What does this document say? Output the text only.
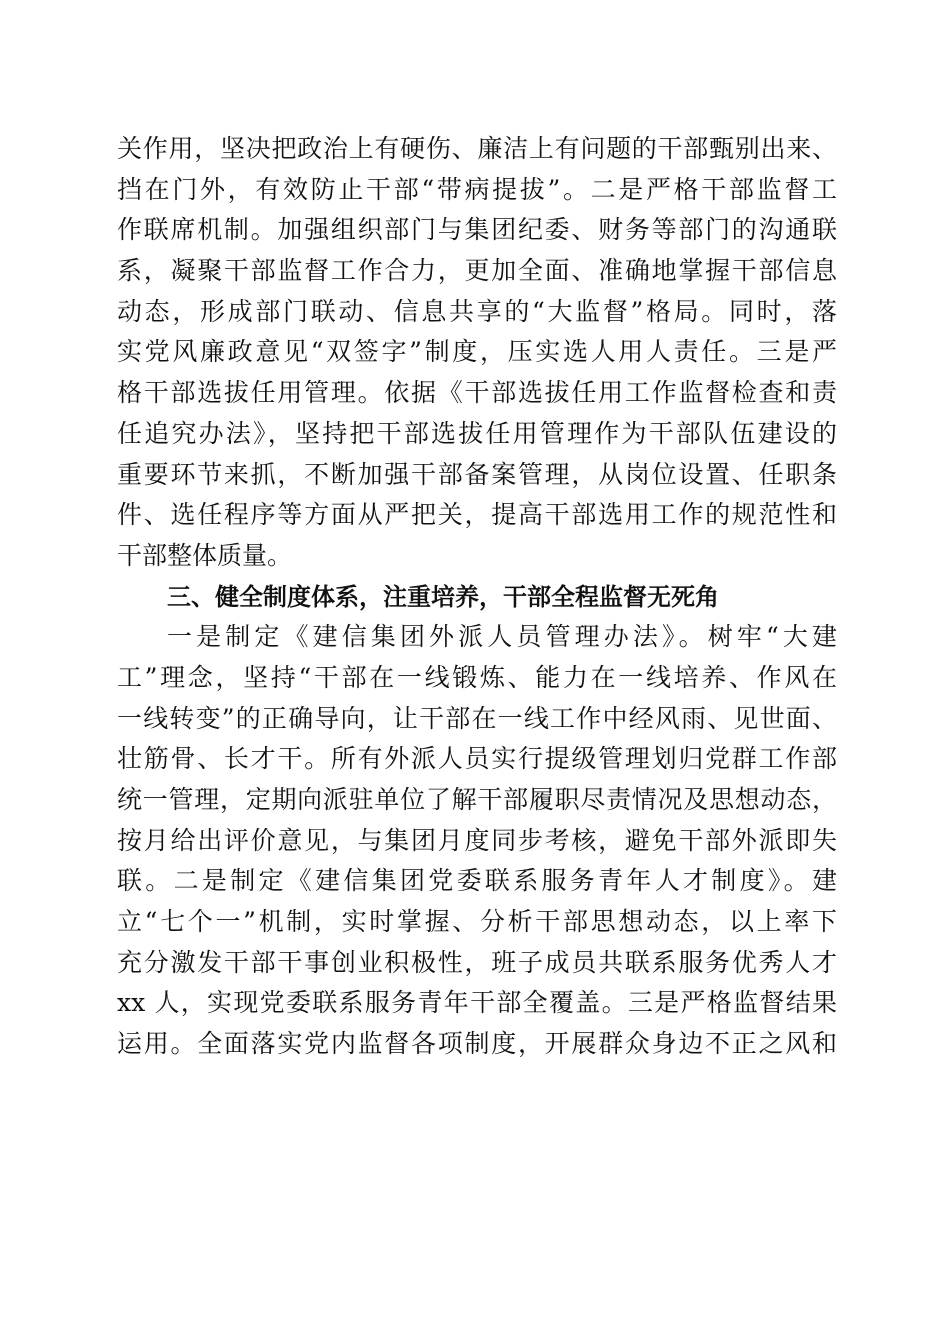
关作用，坚决把政治上有硬伤、廉洁上有问题的干部甄别出来、
挡在门外，有效防止干部“带病提拔”。二是严格干部监督工
作联席机制。加强组织部门与集团纪委、财务等部门的沟通联
系，凝聚干部监督工作合力，更加全面、准确地掌握干部信息
动态，形成部门联动、信息共享的“大监督”格局。同时，落
实党风廉政意见“双签字”制度，压实选人用人责任。三是严
格干部选拔任用管理。依据《干部选拔任用工作监督检查和责
任追究办法》，坚持把干部选拔任用管理作为干部队伍建设的
重要环节来抓，不断加强干部备案管理，从岗位设置、任职条
件、选任程序等方面从严把关，提高干部选用工作的规范性和
干部整体质量。
三、健全制度体系，注重培养，干部全程监督无死角
一是制定《建信集团外派人员管理办法》。树牢“大建
工”理念，坚持“干部在一线锻炼、能力在一线培养、作风在
一线转变”的正确导向，让干部在一线工作中经风雨、见世面、
壮筋骨、长才干。所有外派人员实行提级管理划归党群工作部
统一管理，定期向派驻单位了解干部履职尽责情况及思想动态，
按月给出评价意见，与集团月度同步考核，避免干部外派即失
联。二是制定《建信集团党委联系服务青年人才制度》。建
立“七个一”机制，实时掌握、分析干部思想动态，以上率下
充分激发干部干事创业积极性，班子成员共联系服务优秀人才
xx 人，实现党委联系服务青年干部全覆盖。三是严格监督结果
运用。全面落实党内监督各项制度，开展群众身边不正之风和
